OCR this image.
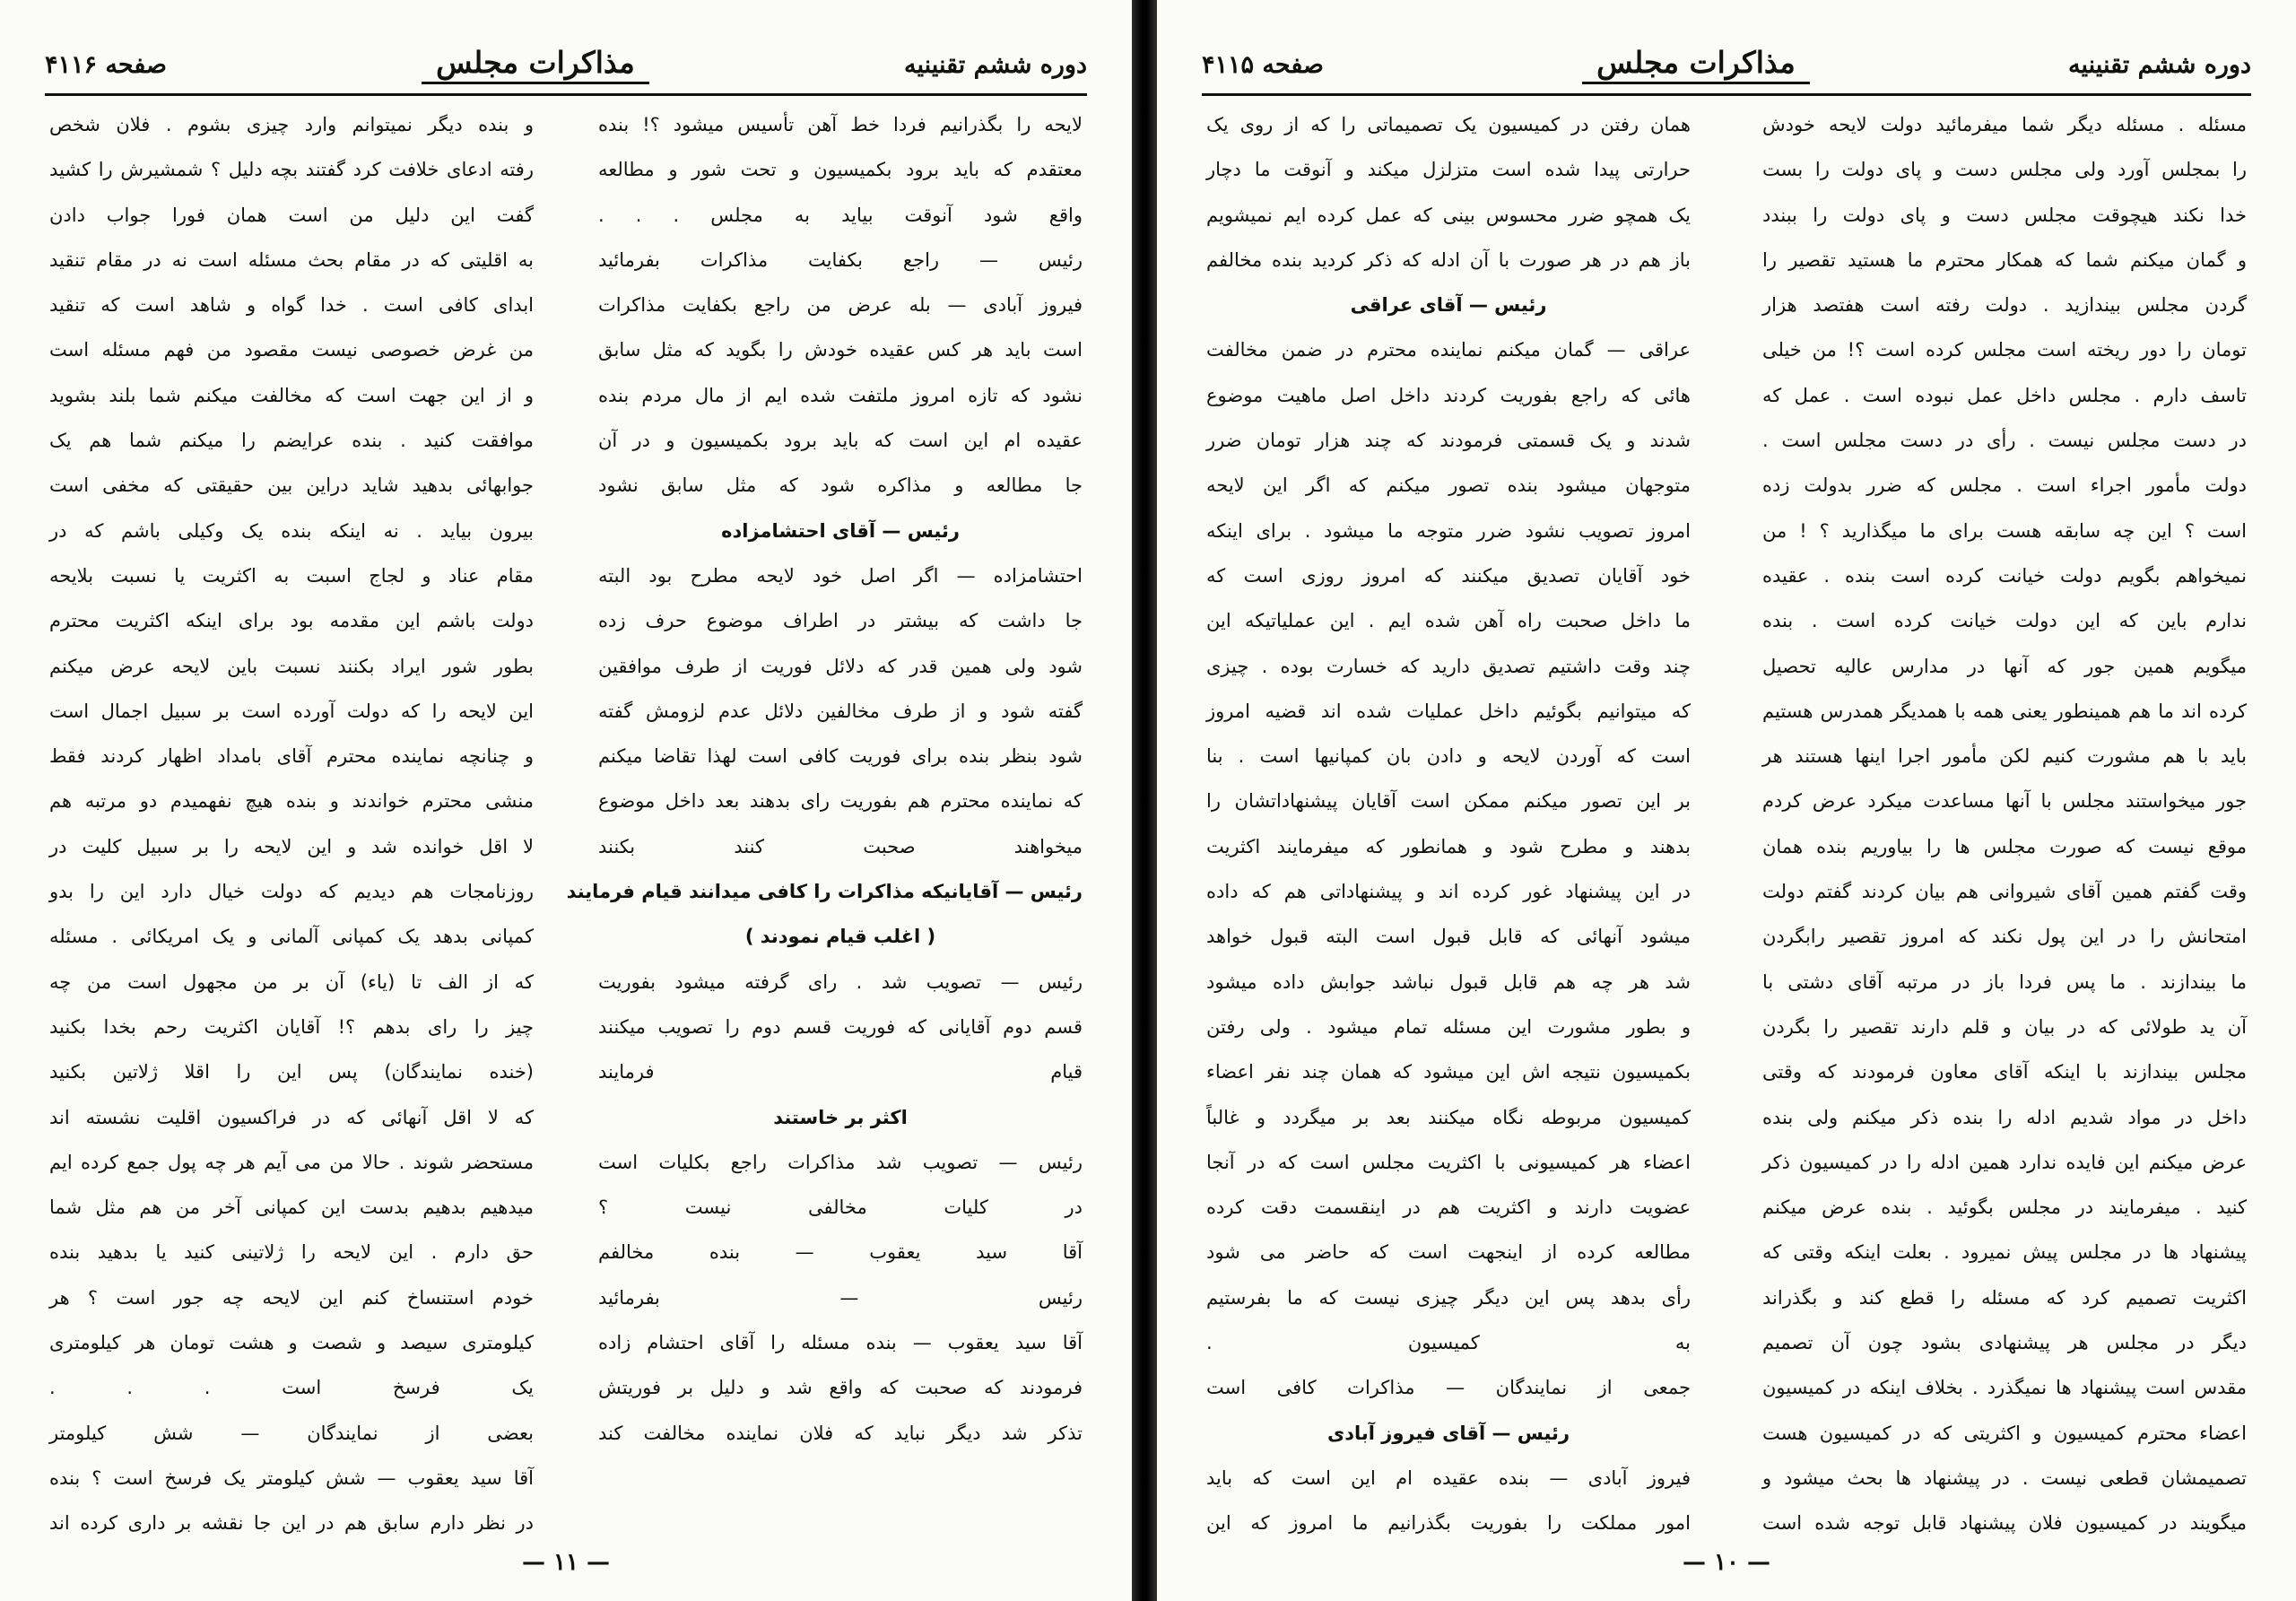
دوره ششم تقنینیه
مذاکرات مجلس
صفحه ۴۱۱۶
لایحه را بگذرانیم فردا خط آهن تأسیس میشود ؟! بنده
معتقدم که باید برود بکمیسیون و تحت شور و مطالعه
واقع شود آنوقت بیاید به مجلس . . .
رئیس — راجع بکفایت مذاکرات بفرمائید
فیروز آبادی — بله عرض من راجع بکفایت مذاکرات
است باید هر کس عقیده خودش را بگوید که مثل سابق
نشود که تازه امروز ملتفت شده ایم از مال مردم بنده
عقیده ام این است که باید برود بکمیسیون و در آن
جا مطالعه و مذاکره شود که مثل سابق نشود
رئیس — آقای احتشامزاده
احتشامزاده — اگر اصل خود لایحه مطرح بود البته
جا داشت که بیشتر در اطراف موضوع حرف زده
شود ولی همین قدر که دلائل فوریت از طرف موافقین
گفته شود و از طرف مخالفین دلائل عدم لزومش گفته
شود بنظر بنده برای فوریت کافی است لهذا تقاضا میکنم
که نماینده محترم هم بفوریت رای بدهند بعد داخل موضوع
میخواهند صحبت کنند بکنند
رئیس — آقایانیکه مذاکرات را کافی میدانند قیام فرمایند
( اغلب قیام نمودند )
رئیس — تصویب شد . رای گرفته میشود بفوریت
قسم دوم آقایانی که فوریت قسم دوم را تصویب میکنند
قیام فرمایند
اکثر بر خاستند
رئیس — تصویب شد مذاکرات راجع بکلیات است
در کلیات مخالفی نیست ؟
آقا سید یعقوب — بنده مخالفم
رئیس — بفرمائید
آقا سید یعقوب — بنده مسئله را آقای احتشام زاده
فرمودند که صحبت که واقع شد و دلیل بر فوریتش
تذکر شد دیگر نباید که فلان نماینده مخالفت کند
و بنده دیگر نمیتوانم وارد چیزی بشوم . فلان شخص
رفته ادعای خلافت کرد گفتند بچه دلیل ؟ شمشیرش را کشید
گفت این دلیل من است همان فورا جواب دادن
به اقلیتی که در مقام بحث مسئله است نه در مقام تنقید
ابدای کافی است . خدا گواه و شاهد است که تنقید
من غرض خصوصی نیست مقصود من فهم مسئله است
و از این جهت است که مخالفت میکنم شما بلند بشوید
موافقت کنید . بنده عرایضم را میکنم شما هم یک
جوابهائی بدهید شاید دراین بین حقیقتی که مخفی است
بیرون بیاید . نه اینکه بنده یک وکیلی باشم که در
مقام عناد و لجاج اسبت به اکثریت یا نسبت بلایحه
دولت باشم این مقدمه بود برای اینکه اکثریت محترم
بطور شور ایراد بکنند نسبت باین لایحه عرض میکنم
این لایحه را که دولت آورده است بر سبیل اجمال است
و چنانچه نماینده محترم آقای بامداد اظهار کردند فقط
منشی محترم خواندند و بنده هیچ نفهمیدم دو مرتبه هم
لا اقل خوانده شد و این لایحه را بر سبیل کلیت در
روزنامجات هم دیدیم که دولت خیال دارد این را بدو
کمپانی بدهد یک کمپانی آلمانی و یک امریکائی . مسئله
که از الف تا (یاء) آن بر من مجهول است من چه
چیز را رای بدهم ؟! آقایان اکثریت رحم بخدا بکنید
(خنده نمایندگان) پس این را اقلا ژلاتین بکنید
که لا اقل آنهائی که در فراکسیون اقلیت نشسته اند
مستحضر شوند . حالا من می آیم هر چه پول جمع کرده ایم
میدهیم بدهیم بدست این کمپانی آخر من هم مثل شما
حق دارم . این لایحه را ژلاتینی کنید یا بدهید بنده
خودم استنساخ کنم این لایحه چه جور است ؟ هر
کیلومتری سیصد و شصت و هشت تومان هر کیلومتری
یک فرسخ است . . .
بعضی از نمایندگان — شش کیلومتر
آقا سید یعقوب — شش کیلومتر یک فرسخ است ؟ بنده
در نظر دارم سابق هم در این جا نقشه بر داری کرده اند
— ۱۱ —
دوره ششم تقنینیه
مذاکرات مجلس
صفحه ۴۱۱۵
مسئله . مسئله دیگر شما میفرمائید دولت لایحه خودش
را بمجلس آورد ولی مجلس دست و پای دولت را بست
خدا نکند هیچوقت مجلس دست و پای دولت را ببندد
و گمان میکنم شما که همکار محترم ما هستید تقصیر را
گردن مجلس بیندازید . دولت رفته است هفتصد هزار
تومان را دور ریخته است مجلس کرده است ؟! من خیلی
تاسف دارم . مجلس داخل عمل نبوده است . عمل که
در دست مجلس نیست . رأی در دست مجلس است .
دولت مأمور اجراء است . مجلس که ضرر بدولت زده
است ؟ این چه سابقه هست برای ما میگذارید ؟ ! من
نمیخواهم بگویم دولت خیانت کرده است بنده . عقیده
ندارم باین که این دولت خیانت کرده است . بنده
میگویم همین جور که آنها در مدارس عالیه تحصیل
کرده اند ما هم همینطور یعنی همه با همدیگر همدرس هستیم
باید با هم مشورت کنیم لکن مأمور اجرا اینها هستند هر
جور میخواستند مجلس با آنها مساعدت میکرد عرض کردم
موقع نیست که صورت مجلس ها را بیاوریم بنده همان
وقت گفتم همین آقای شیروانی هم بیان کردند گفتم دولت
امتحانش را در این پول نکند که امروز تقصیر رابگردن
ما بیندازند . ما پس فردا باز در مرتبه آقای دشتی با
آن ید طولائی که در بیان و قلم دارند تقصیر را بگردن
مجلس بیندازند با اینکه آقای معاون فرمودند که وقتی
داخل در مواد شدیم ادله را بنده ذکر میکنم ولی بنده
عرض میکنم این فایده ندارد همین ادله را در کمیسیون ذکر
کنید . میفرمایند در مجلس بگوئید . بنده عرض میکنم
پیشنهاد ها در مجلس پیش نمیرود . بعلت اینکه وقتی که
اکثریت تصمیم کرد که مسئله را قطع کند و بگذراند
دیگر در مجلس هر پیشنهادی بشود چون آن تصمیم
مقدس است پیشنهاد ها نمیگذرد . بخلاف اینکه در کمیسیون
اعضاء محترم کمیسیون و اکثریتی که در کمیسیون هست
تصمیمشان قطعی نیست . در پیشنهاد ها بحث میشود و
میگویند در کمیسیون فلان پیشنهاد قابل توجه شده است
همان رفتن در کمیسیون یک تصمیماتی را که از روی یک
حرارتی پیدا شده است متزلزل میکند و آنوقت ما دچار
یک همچو ضرر محسوس بینی که عمل کرده ایم نمیشویم
باز هم در هر صورت با آن ادله که ذکر کردید بنده مخالفم
رئیس — آقای عراقی
عراقی — گمان میکنم نماینده محترم در ضمن مخالفت
هائی که راجع بفوریت کردند داخل اصل ماهیت موضوع
شدند و یک قسمتی فرمودند که چند هزار تومان ضرر
متوجهان میشود بنده تصور میکنم که اگر این لایحه
امروز تصویب نشود ضرر متوجه ما میشود . برای اینکه
خود آقایان تصدیق میکنند که امروز روزی است که
ما داخل صحبت راه آهن شده ایم . این عملیاتیکه این
چند وقت داشتیم تصدیق دارید که خسارت بوده . چیزی
که میتوانیم بگوئیم داخل عملیات شده اند قضیه امروز
است که آوردن لایحه و دادن بان کمپانیها است . بنا
بر این تصور میکنم ممکن است آقایان پیشنهاداتشان را
بدهند و مطرح شود و همانطور که میفرمایند اکثریت
در این پیشنهاد غور کرده اند و پیشنهاداتی هم که داده
میشود آنهائی که قابل قبول است البته قبول خواهد
شد هر چه هم قابل قبول نباشد جوابش داده میشود
و بطور مشورت این مسئله تمام میشود . ولی رفتن
بکمیسیون نتیجه اش این میشود که همان چند نفر اعضاء
کمیسیون مربوطه نگاه میکنند بعد بر میگردد و غالباً
اعضاء هر کمیسیونی با اکثریت مجلس است که در آنجا
عضویت دارند و اکثریت هم در اینقسمت دقت کرده
مطالعه کرده از اینجهت است که حاضر می شود
رأی بدهد پس این دیگر چیزی نیست که ما بفرستیم
به کمیسیون .
جمعی از نمایندگان — مذاکرات کافی است
رئیس — آقای فیروز آبادی
فیروز آبادی — بنده عقیده ام این است که باید
امور مملکت را بفوریت بگذرانیم ما امروز که این
— ۱۰ —
